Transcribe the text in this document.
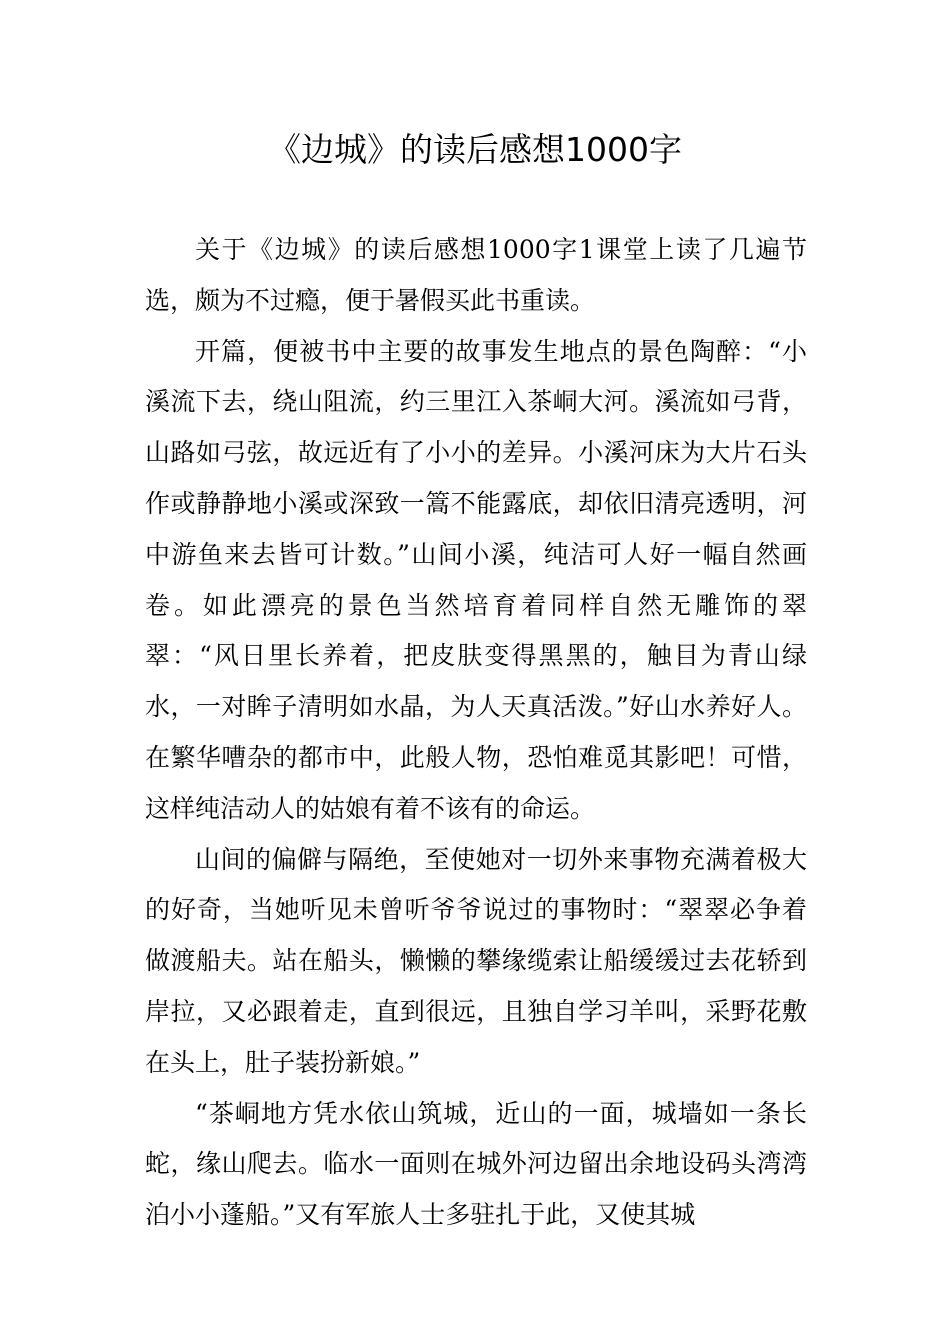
《边城》的读后感想1000字

关于《边城》的读后感想1000字1课堂上读了几遍节选，颇为不过瘾，便于暑假买此书重读。

开篇，便被书中主要的故事发生地点的景色陶醉：“小溪流下去，绕山阻流，约三里江入茶峒大河。溪流如弓背，山路如弓弦，故远近有了小小的差异。小溪河床为大片石头作或静静地小溪或深致一篙不能露底，却依旧清亮透明，河中游鱼来去皆可计数。”山间小溪，纯洁可人好一幅自然画卷。如此漂亮的景色当然培育着同样自然无雕饰的翠翠：“风日里长养着，把皮肤变得黑黑的，触目为青山绿水，一对眸子清明如水晶，为人天真活泼。”好山水养好人。在繁华嘈杂的都市中，此般人物，恐怕难觅其影吧！可惜，这样纯洁动人的姑娘有着不该有的命运。

山间的偏僻与隔绝，至使她对一切外来事物充满着极大的好奇，当她听见未曾听爷爷说过的事物时：“翠翠必争着做渡船夫。站在船头，懒懒的攀缘缆索让船缓缓过去花轿到岸拉，又必跟着走，直到很远，且独自学习羊叫，采野花敷在头上，肚子装扮新娘。”

“茶峒地方凭水依山筑城，近山的一面，城墙如一条长蛇，缘山爬去。临水一面则在城外河边留出余地设码头湾湾泊小小蓬船。”又有军旅人士多驻扎于此，又使其城
